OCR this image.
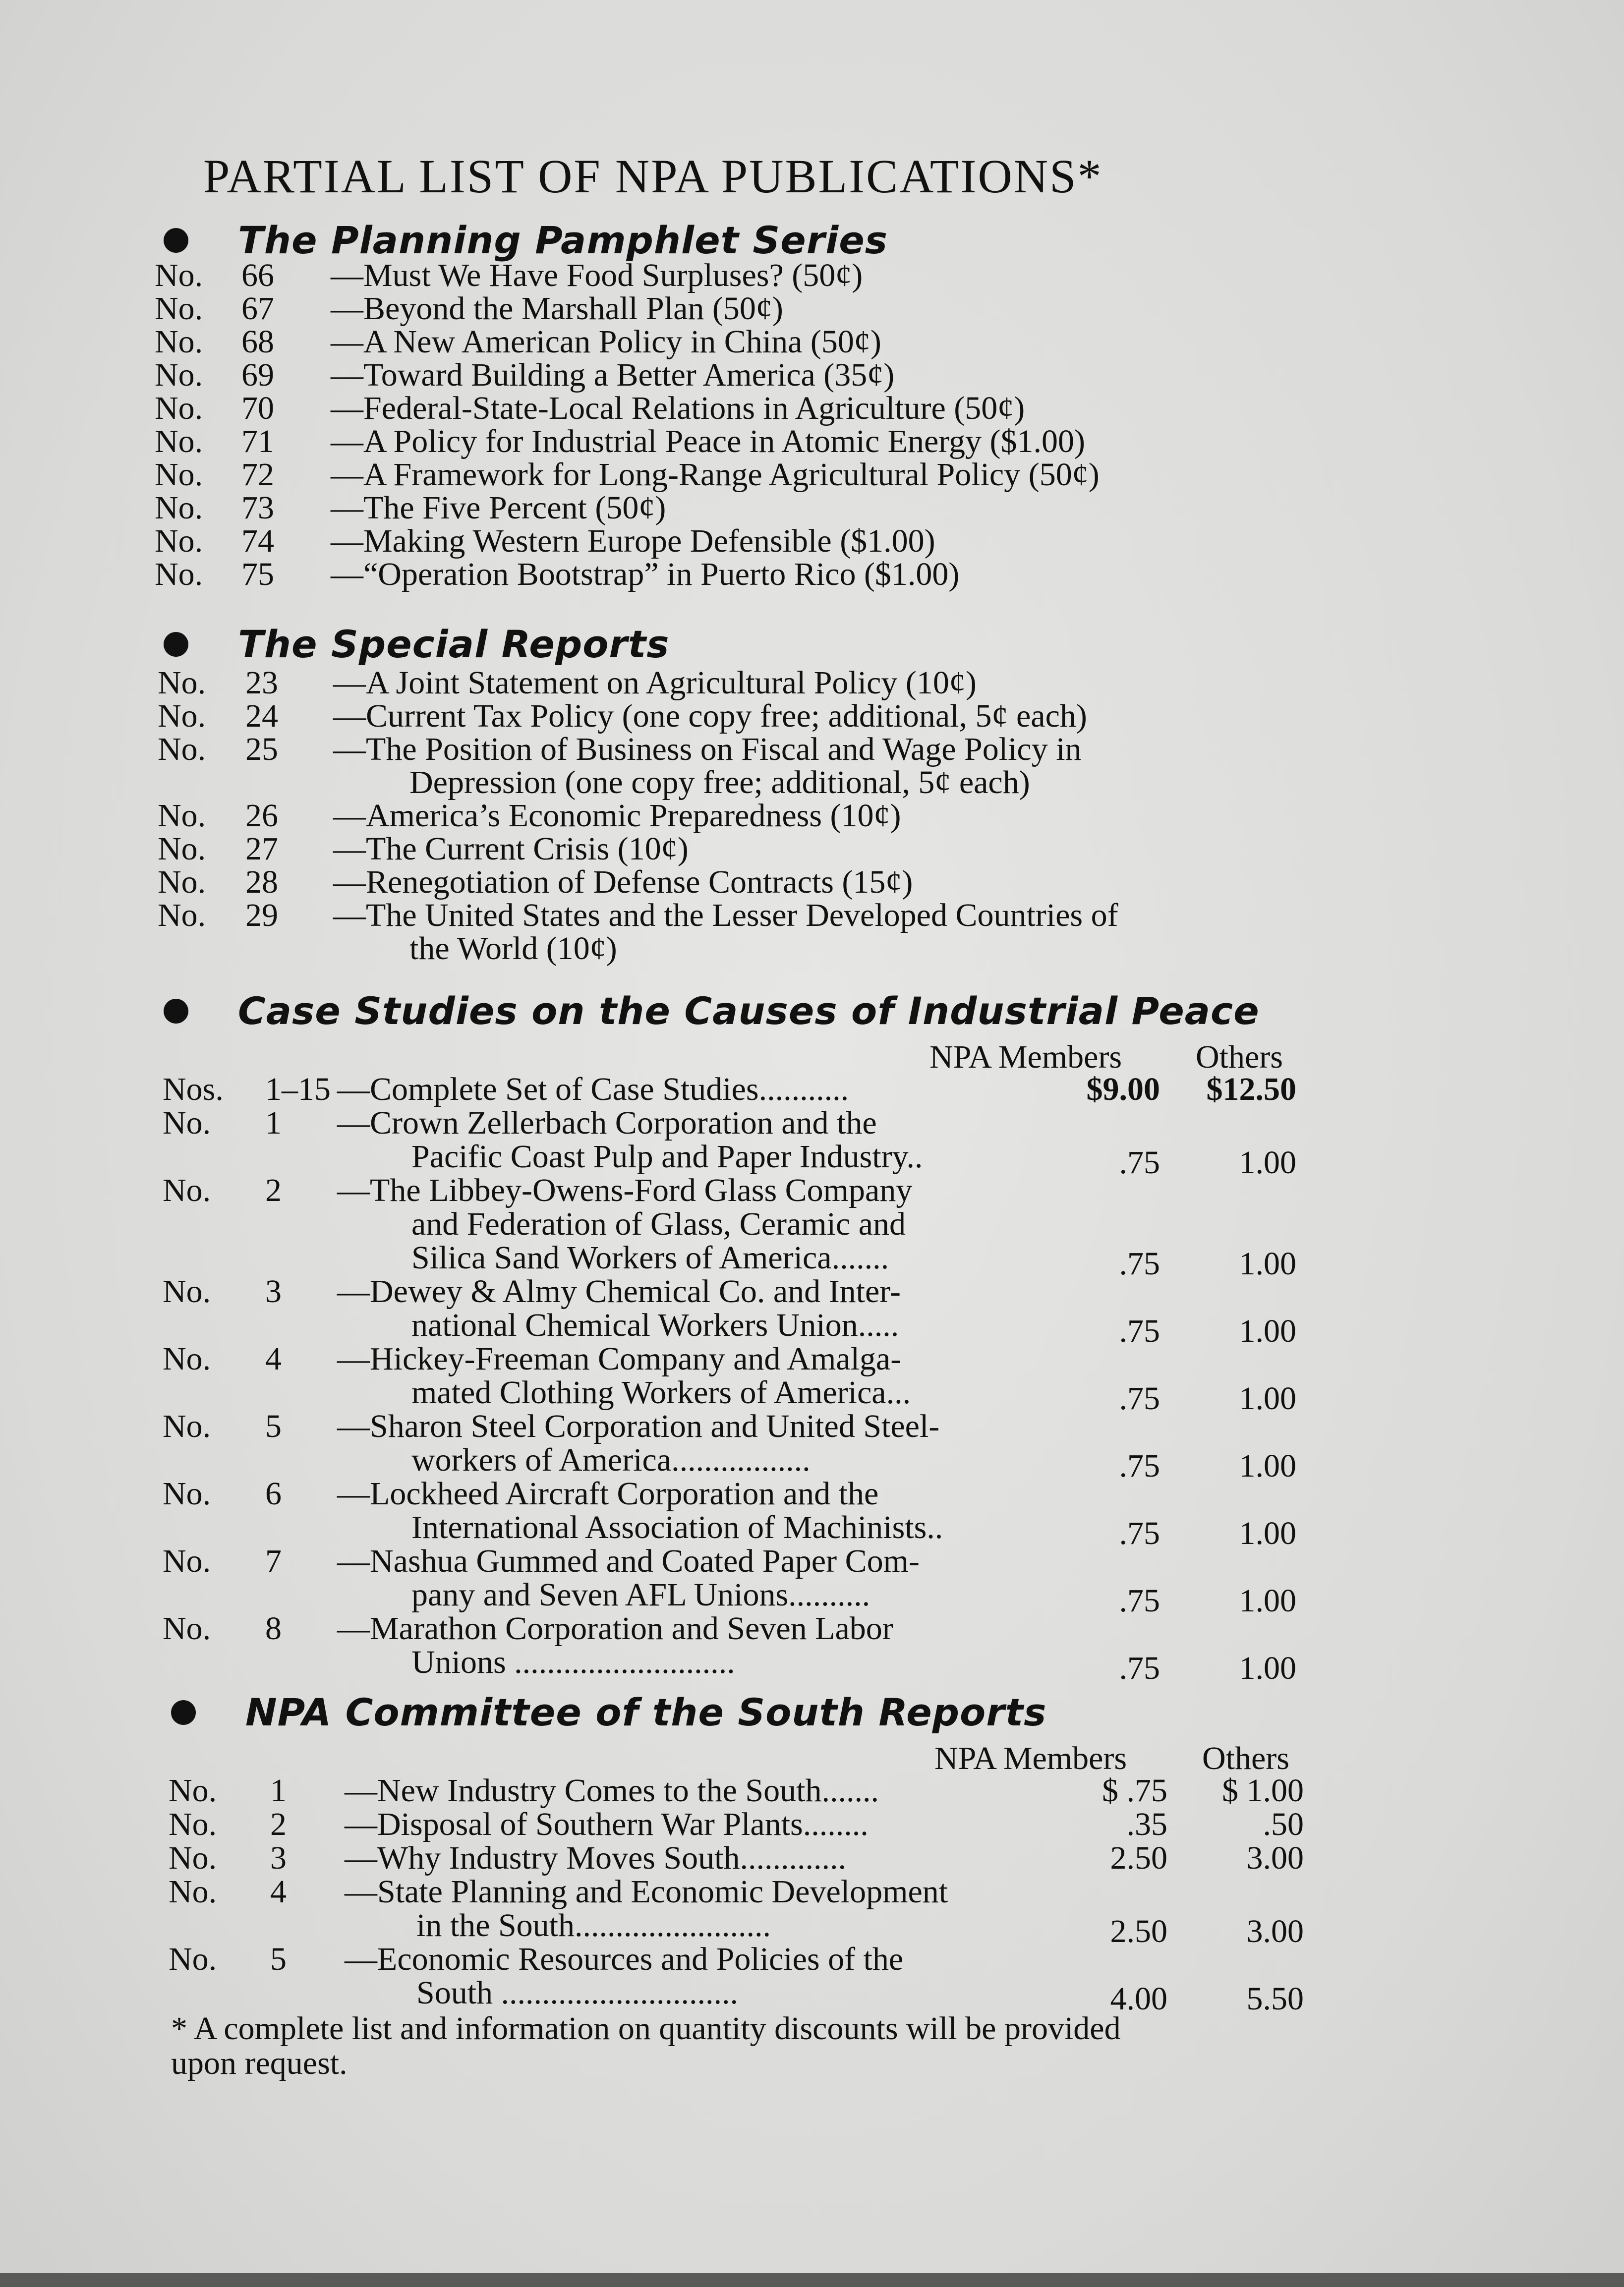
PARTIAL LIST OF NPA PUBLICATIONS*
The Planning Pamphlet Series
No. 66 —Must We Have Food Surpluses? (50¢)
No. 67 —Beyond the Marshall Plan (50¢)
No. 68 —A New American Policy in China (50¢)
No. 69 —Toward Building a Better America (35¢)
No. 70 —Federal-State-Local Relations in Agriculture (50¢)
No. 71 —A Policy for Industrial Peace in Atomic Energy ($1.00)
No. 72 —A Framework for Long-Range Agricultural Policy (50¢)
No. 73 —The Five Percent (50¢)
No. 74 —Making Western Europe Defensible ($1.00)
No. 75 —“Operation Bootstrap” in Puerto Rico ($1.00)
The Special Reports
No. 23 —A Joint Statement on Agricultural Policy (10¢)
No. 24 —Current Tax Policy (one copy free; additional, 5¢ each)
No. 25 —The Position of Business on Fiscal and Wage Policy in
Depression (one copy free; additional, 5¢ each)
No. 26 —America’s Economic Preparedness (10¢)
No. 27 —The Current Crisis (10¢)
No. 28 —Renegotiation of Defense Contracts (15¢)
No. 29 —The United States and the Lesser Developed Countries of
the World (10¢)
Case Studies on the Causes of Industrial Peace
NPA Members Others
Nos. 1–15 —Complete Set of Case Studies...........	$9.00	$12.50
No. 1 —Crown Zellerbach Corporation and the
Pacific Coast Pulp and Paper Industry..	.75	1.00
No. 2 —The Libbey-Owens-Ford Glass Company
and Federation of Glass, Ceramic and
Silica Sand Workers of America.......	.75	1.00
No. 3 —Dewey & Almy Chemical Co. and Inter-
national Chemical Workers Union.....	.75	1.00
No. 4 —Hickey-Freeman Company and Amalga-
mated Clothing Workers of America...	.75	1.00
No. 5 —Sharon Steel Corporation and United Steel-
workers of America.................	.75	1.00
No. 6 —Lockheed Aircraft Corporation and the
International Association of Machinists..	.75	1.00
No. 7 —Nashua Gummed and Coated Paper Com-
pany and Seven AFL Unions..........	.75	1.00
No. 8 —Marathon Corporation and Seven Labor
Unions ...........................	.75	1.00
NPA Committee of the South Reports
NPA Members Others
No. 1 —New Industry Comes to the South.......	$ .75	$ 1.00
No. 2 —Disposal of Southern War Plants........	.35	.50
No. 3 —Why Industry Moves South.............	2.50	3.00
No. 4 —State Planning and Economic Development
in the South........................	2.50	3.00
No. 5 —Economic Resources and Policies of the
South .............................	4.00	5.50
* A complete list and information on quantity discounts will be provided
upon request.
